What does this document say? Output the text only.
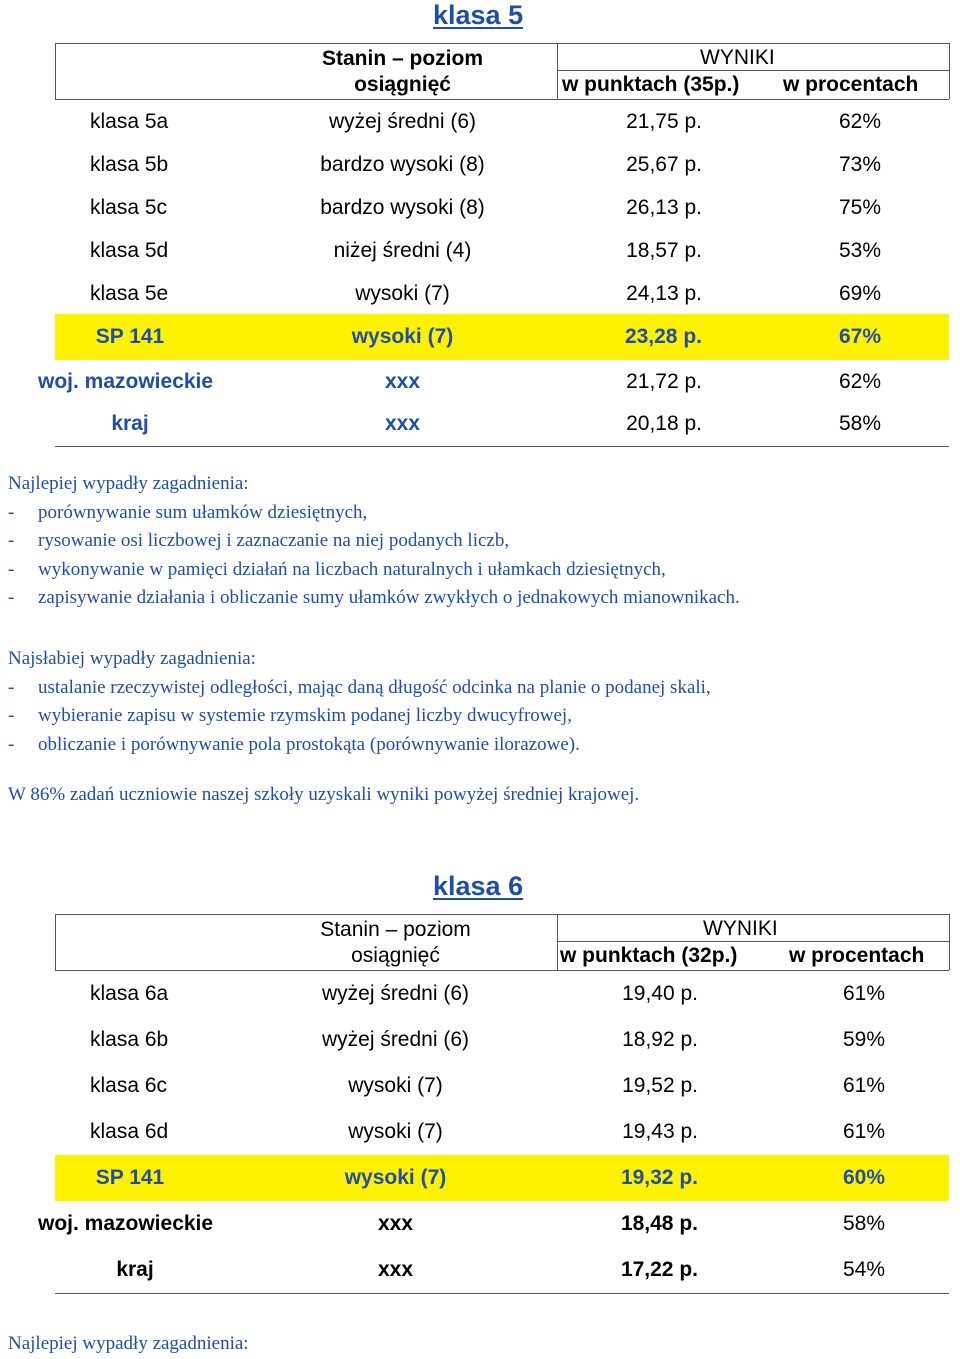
klasa 5
Stanin – poziom
osiągnięć
WYNIKI
w punktach (35p.) w procentach
klasa 5a	wyżej średni (6)	21,75 p.	62%
klasa 5b	bardzo wysoki (8)	25,67 p.	73%
klasa 5c	bardzo wysoki (8)	26,13 p.	75%
klasa 5d	niżej średni (4)	18,57 p.	53%
klasa 5e	wysoki (7)	24,13 p.	69%
SP 141	wysoki (7)	23,28 p.	67%
woj. mazowieckie	xxx	21,72 p.	62%
kraj	xxx	20,18 p.	58%
Najlepiej wypadły zagadnienia:
- porównywanie sum ułamków dziesiętnych,
- rysowanie osi liczbowej i zaznaczanie na niej podanych liczb,
- wykonywanie w pamięci działań na liczbach naturalnych i ułamkach dziesiętnych,
- zapisywanie działania i obliczanie sumy ułamków zwykłych o jednakowych mianownikach.
Najsłabiej wypadły zagadnienia:
- ustalanie rzeczywistej odległości, mając daną długość odcinka na planie o podanej skali,
- wybieranie zapisu w systemie rzymskim podanej liczby dwucyfrowej,
- obliczanie i porównywanie pola prostokąta (porównywanie ilorazowe).
W 86% zadań uczniowie naszej szkoły uzyskali wyniki powyżej średniej krajowej.
klasa 6
Stanin – poziom
osiągnięć
WYNIKI
w punktach (32p.) w procentach
klasa 6a	wyżej średni (6)	19,40 p.	61%
klasa 6b	wyżej średni (6)	18,92 p.	59%
klasa 6c	wysoki (7)	19,52 p.	61%
klasa 6d	wysoki (7)	19,43 p.	61%
SP 141	wysoki (7)	19,32 p.	60%
woj. mazowieckie	xxx	18,48 p.	58%
kraj	xxx	17,22 p.	54%
Najlepiej wypadły zagadnienia:
